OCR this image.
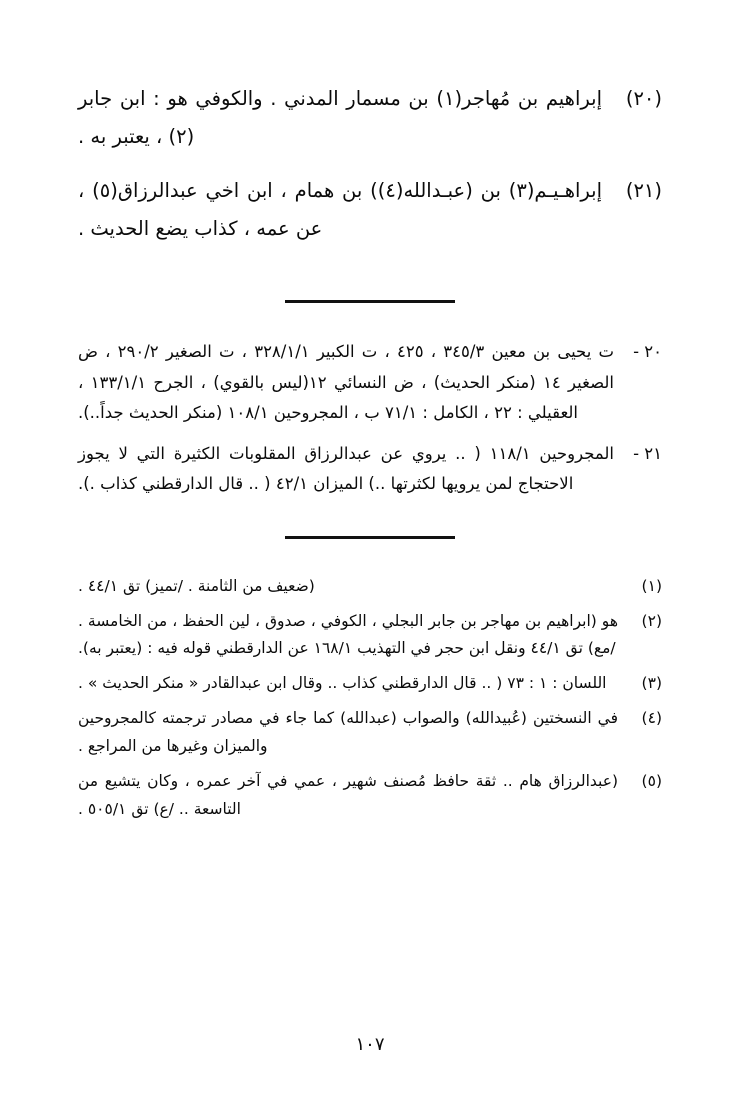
(٢٠)
إبراهيم بن مُهاجر(١) بن مسمار المدني . والكوفي هو : ابن جابر (٢) ، يعتبر به .
(٢١)
إبراهـيـم(٣) بن (عبـدالله(٤)) بن همام ، ابن اخي عبدالرزاق(٥) ، عن عمه ، كذاب يضع الحديث .
٢٠ -
ت يحيى بن معين ٣٤٥/٣ ، ٤٢٥ ، ت الكبير ٣٢٨/١/١ ، ت الصغير ٢٩٠/٢ ، ض الصغير ١٤ (منكر الحديث) ، ض النسائي ١٢(ليس بالقوي) ، الجرح ١٣٣/١/١ ، العقيلي : ٢٢ ، الكامل : ٧١/١ ب ، المجروحين ١٠٨/١ (منكر الحديث جداً..).
٢١ -
المجروحين ١١٨/١ ( .. يروي عن عبدالرزاق المقلوبات الكثيرة التي لا يجوز الاحتجاج لمن يرويها لكثرتها ..) الميزان ٤٢/١ ( .. قال الدارقطني كذاب .).
(١)
(ضعيف من الثامنة . /تميز) تق ٤٤/١ .
(٢)
هو (ابراهيم بن مهاجر بن جابر البجلي ، الكوفي ، صدوق ، لين الحفظ ، من الخامسة . /مع) تق ٤٤/١ ونقل ابن حجر في التهذيب ١٦٨/١ عن الدارقطني قوله فيه : (يعتبر به).
(٣)
اللسان : ١ : ٧٣ ( .. قال الدارقطني كذاب .. وقال ابن عبدالقادر « منكر الحديث » .
(٤)
في النسختين (عُبيدالله) والصواب (عبدالله) كما جاء في مصادر ترجمته كالمجروحين والميزان وغيرها من المراجع .
(٥)
(عبدالرزاق هام .. ثقة حافظ مُصنف شهير ، عمي في آخر عمره ، وكان يتشيع من التاسعة .. /ع) تق ٥٠٥/١ .
١٠٧
